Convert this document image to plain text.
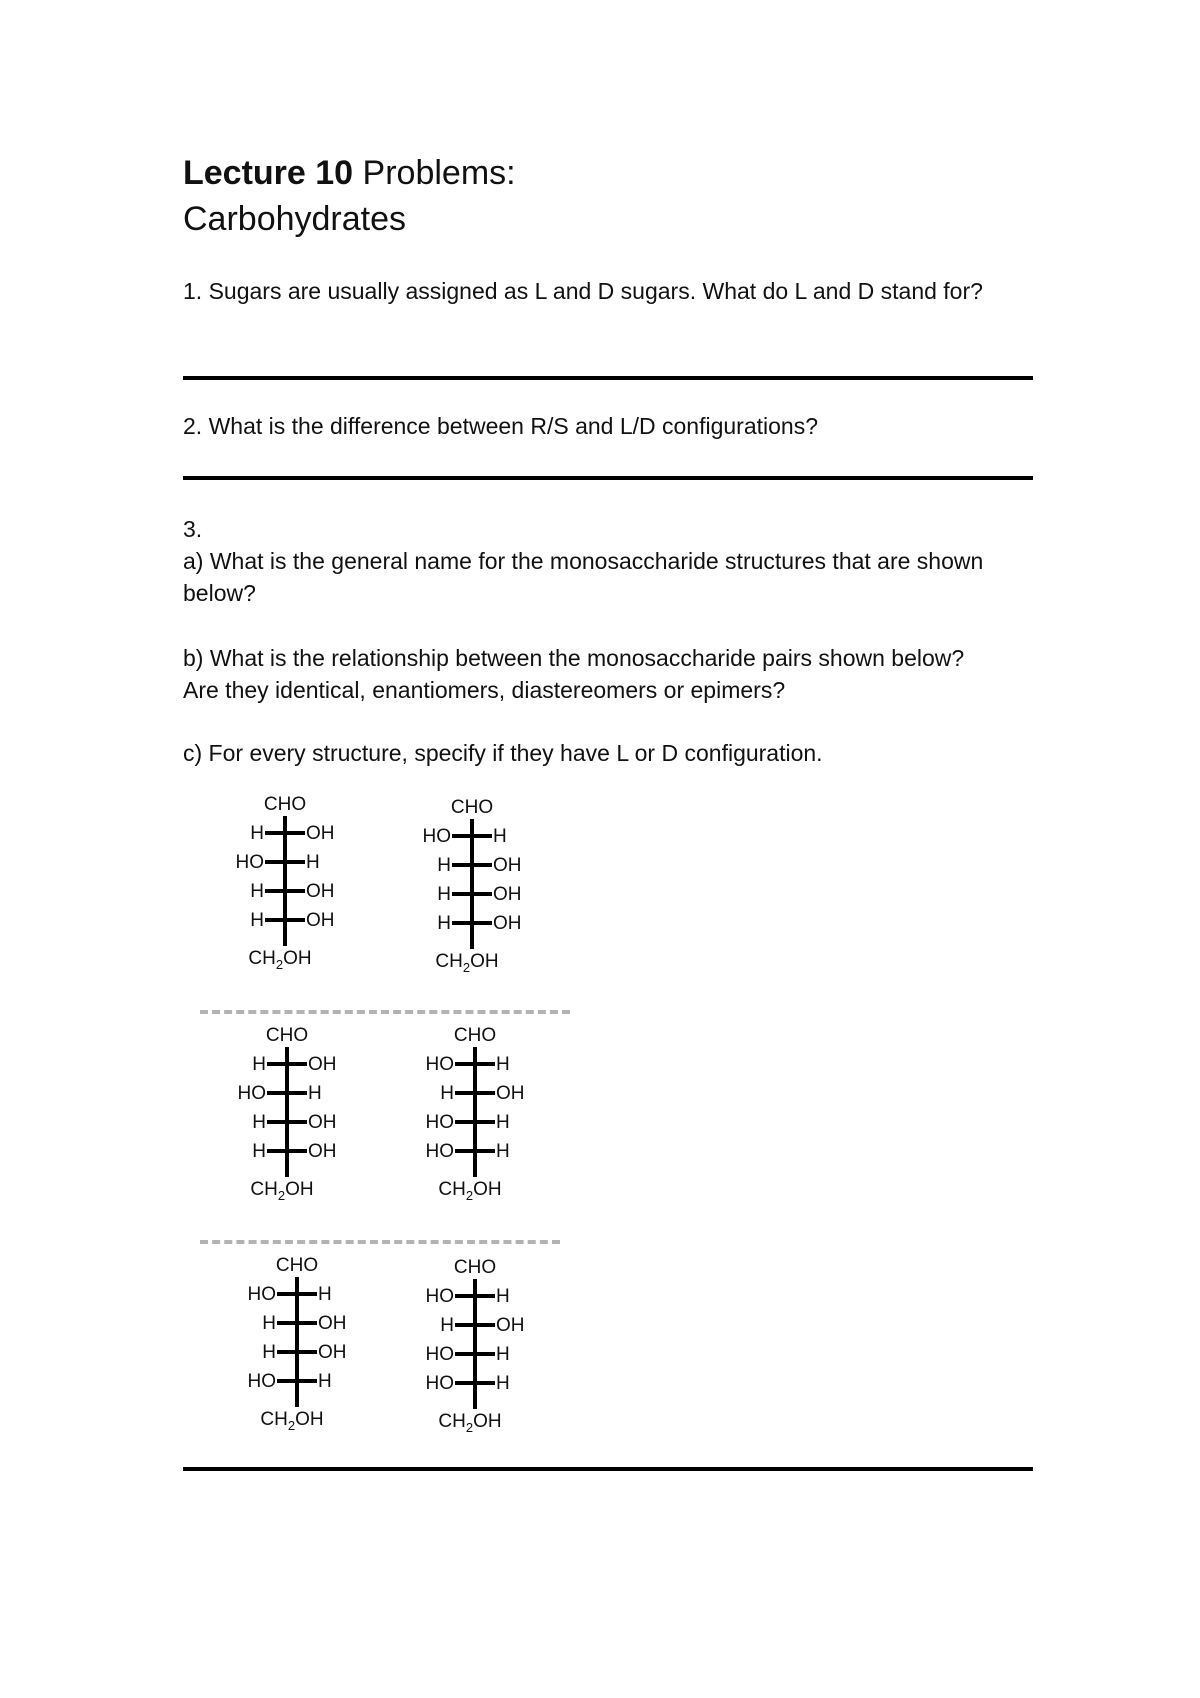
Lecture 10 Problems:
Carbohydrates
1. Sugars are usually assigned as L and D sugars. What do L and D stand for?
2. What is the difference between R/S and L/D configurations?
3.
a) What is the general name for the monosaccharide structures that are shown below?
b) What is the relationship between the monosaccharide pairs shown below?
Are they identical, enantiomers, diastereomers or epimers?
c) For every structure, specify if they have L or D configuration.
CHO
H OH
HO H
H OH
H OH
$CH_2OH$
CHO
HO H
H OH
H OH
H OH
$CH_2OH$
CHO
H OH
HO H
H OH
H OH
$CH_2OH$
CHO
HO H
H OH
HO H
HO H
$CH_2OH$
CHO
HO H
H OH
H OH
HO H
$CH_2OH$
CHO
HO H
H OH
HO H
HO H
$CH_2OH$
